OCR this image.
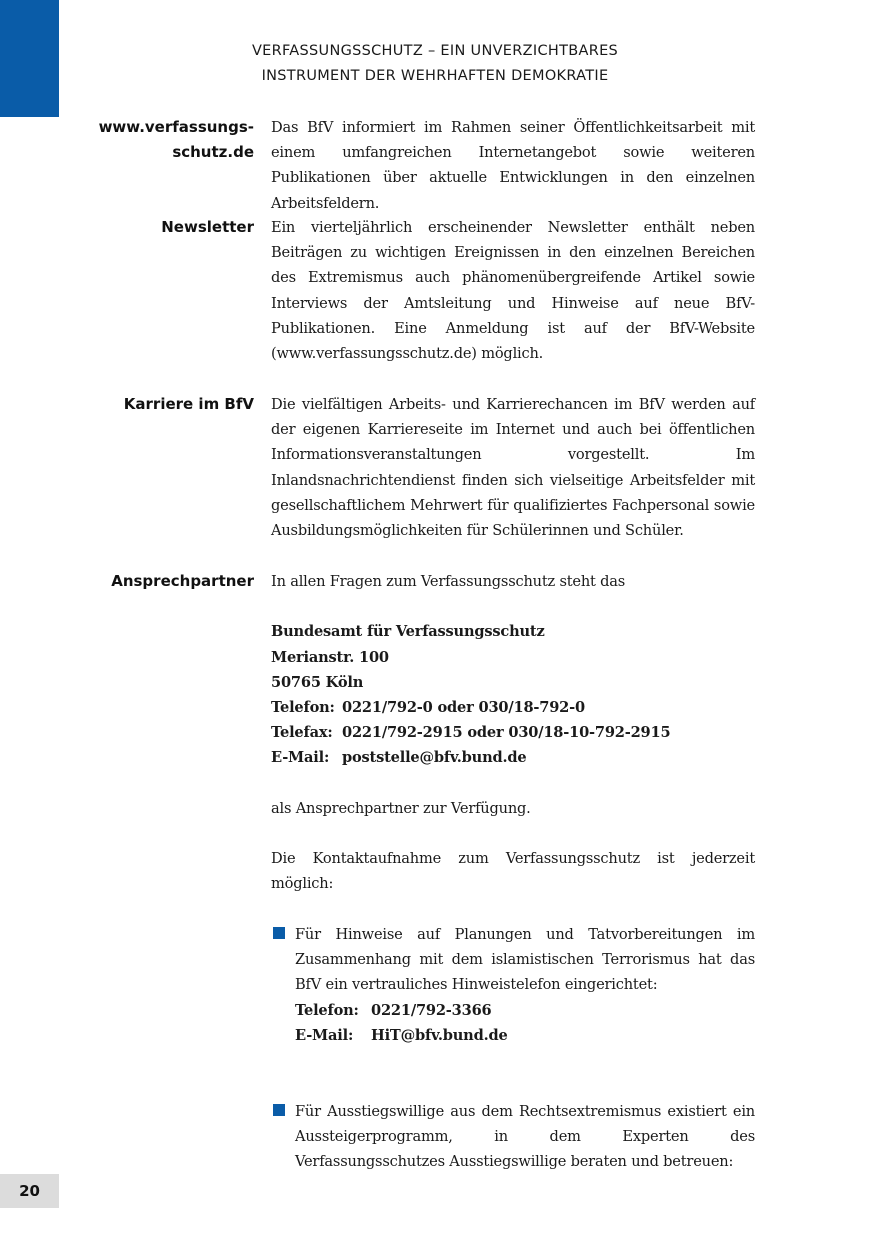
VERFASSUNGSSCHUTZ – EIN UNVERZICHTBARES
INSTRUMENT DER WEHRHAFTEN DEMOKRATIE
www.verfassungs-
schutz.de

Das BfV informiert im Rahmen seiner Öffentlichkeitsarbeit mit einem umfangreichen Internetangebot sowie weiteren Publikationen über aktuelle Entwicklungen in den einzelnen Arbeitsfeldern.

Newsletter Ein vierteljährlich erscheinender Newsletter enthält neben Beiträgen zu wichtigen Ereignissen in den einzelnen Bereichen des Extremismus auch phänomenübergreifende Artikel sowie Interviews der Amtsleitung und Hinweise auf neue BfV-Publikationen. Eine Anmeldung ist auf der BfV-Website (www.verfassungsschutz.de) möglich.

Karriere im BfV Die vielfältigen Arbeits- und Karrierechancen im BfV werden auf der eigenen Karriereseite im Internet und auch bei öffentlichen Informationsveranstaltungen vorgestellt. Im Inlandsnachrichtendienst finden sich vielseitige Arbeitsfelder mit gesellschaftlichem Mehrwert für qualifiziertes Fachpersonal sowie Ausbildungsmöglichkeiten für Schülerinnen und Schüler.

Ansprechpartner In allen Fragen zum Verfassungsschutz steht das

Bundesamt für Verfassungsschutz

Merianstr. 100

50765 Köln

Telefon: 0221/792-0 oder 030/18-792-0
Telefax: 0221/792-2915 oder 030/18-10-792-2915
E-Mail: poststelle@bfv.bund.de

als Ansprechpartner zur Verfügung.

Die Kontaktaufnahme zum Verfassungsschutz ist jederzeit möglich:

Für Hinweise auf Planungen und Tatvorbereitungen im Zusammenhang mit dem islamistischen Terrorismus hat das BfV ein vertrauliches Hinweistelefon eingerichtet:

Telefon: 0221/792-3366
E-Mail:	HiT@bfv.bund.de

Für Ausstiegswillige aus dem Rechtsextremismus existiert ein Aussteigerprogramm, in dem Experten des Verfassungsschutzes Ausstiegswillige beraten und betreuen:

20
